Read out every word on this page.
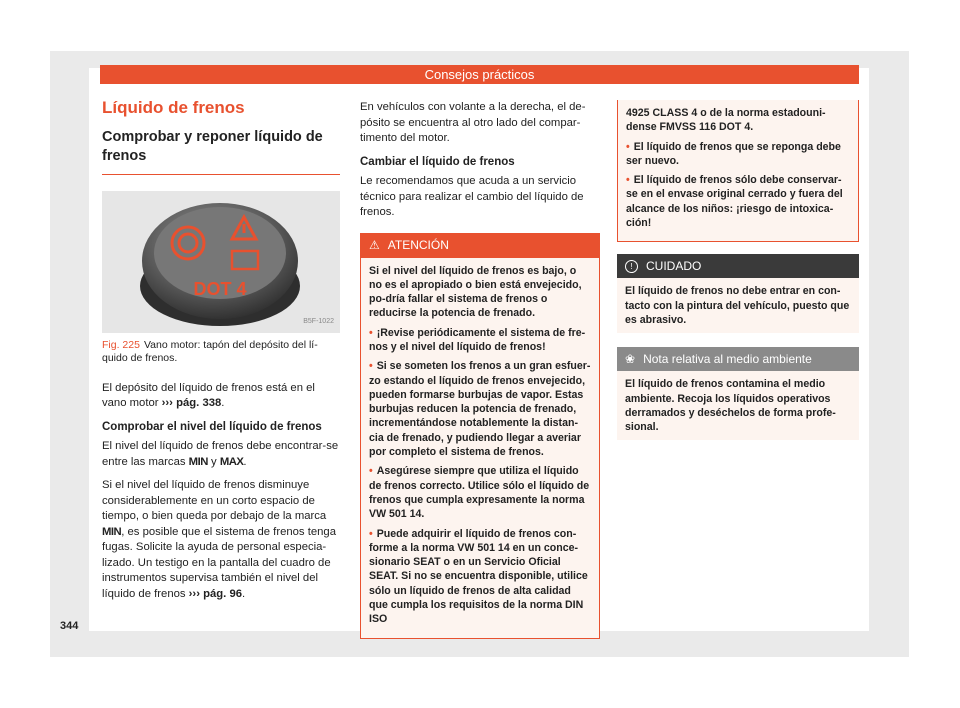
Consejos prácticos
Líquido de frenos
Comprobar y reponer líquido de frenos
DOT 4
B5F-1022
Fig. 225 Vano motor: tapón del depósito del lí-quido de frenos.

El depósito del líquido de frenos está en el vano motor ››› pág. 338.

Comprobar el nivel del líquido de frenos

El nivel del líquido de frenos debe encontrar-se entre las marcas MIN y MAX.

Si el nivel del líquido de frenos disminuye considerablemente en un corto espacio de tiempo, o bien queda por debajo de la marca MIN, es posible que el sistema de frenos tenga fugas. Solicite la ayuda de personal especia-lizado. Un testigo en la pantalla del cuadro de instrumentos supervisa también el nivel del líquido de frenos ››› pág. 96.

En vehículos con volante a la derecha, el de-pósito se encuentra al otro lado del compar-timento del motor.

Cambiar el líquido de frenos

Le recomendamos que acuda a un servicio técnico para realizar el cambio del líquido de frenos.

⚠ ATENCIÓN

Si el nivel del líquido de frenos es bajo, o no es el apropiado o bien está envejecido, po-dría fallar el sistema de frenos o reducirse la potencia de frenado.

• ¡Revise periódicamente el sistema de fre-nos y el nivel del líquido de frenos!

• Si se someten los frenos a un gran esfuer-zo estando el líquido de frenos envejecido, pueden formarse burbujas de vapor. Estas burbujas reducen la potencia de frenado, incrementándose notablemente la distan-cia de frenado, y pudiendo llegar a averiar por completo el sistema de frenos.

• Asegúrese siempre que utiliza el líquido de frenos correcto. Utilice sólo el líquido de frenos que cumpla expresamente la norma VW 501 14.

• Puede adquirir el líquido de frenos con-forme a la norma VW 501 14 en un conce-sionario SEAT o en un Servicio Oficial SEAT. Si no se encuentra disponible, utilice sólo un líquido de frenos de alta calidad que cumpla los requisitos de la norma DIN ISO

4925 CLASS 4 o de la norma estadouni-dense FMVSS 116 DOT 4.

• El líquido de frenos que se reponga debe ser nuevo.

• El líquido de frenos sólo debe conservar-se en el envase original cerrado y fuera del alcance de los niños: ¡riesgo de intoxica-ción!

!	CUIDADO
El líquido de frenos no debe entrar en con-tacto con la pintura del vehículo, puesto que es abrasivo.
❀ Nota relativa al medio ambiente
El líquido de frenos contamina el medio ambiente. Recoja los líquidos operativos derramados y deséchelos de forma profe-sional.
344
